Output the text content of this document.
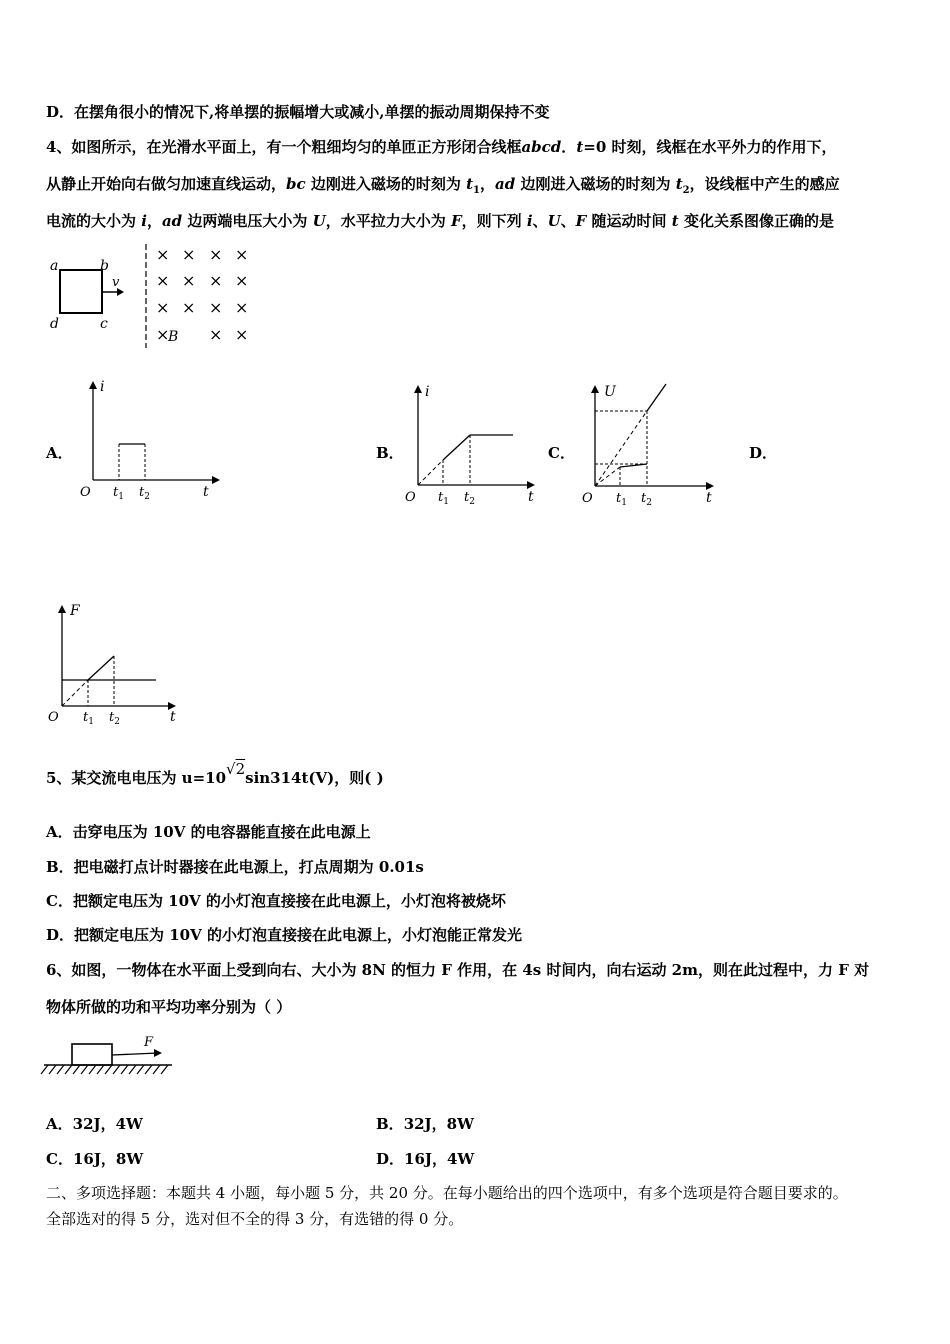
D．在摆角很小的情况下,将单摆的振幅增大或减小,单摆的振动周期保持不变
4、如图所示，在光滑水平面上，有一个粗细均匀的单匝正方形闭合线框abcd．t=0 时刻，线框在水平外力的作用下，
从静止开始向右做匀加速直线运动，bc 边刚进入磁场的时刻为 $t_1$，ad 边刚进入磁场的时刻为 $t_2$，设线框中产生的感应
电流的大小为 i，ad 边两端电压大小为 U，水平拉力大小为 F，则下列 i、U、F 随运动时间 t 变化关系图像正确的是
a	b
d	c
v
× × × ×
× × × ×
× × × ×
× × ×
B
A．	B．	C．	D．
i
O	t
$t_1$ $t_2$
i
O	t
$t_1$ $t_2$
U
O	t
$t_1$ $t_2$
F
O	t
$t_1$ $t_2$
5、某交流电电压为 u=10√2sin314t(V)，则( )
A．击穿电压为 10V 的电容器能直接在此电源上
B．把电磁打点计时器接在此电源上，打点周期为 0.01s
C．把额定电压为 10V 的小灯泡直接接在此电源上，小灯泡将被烧坏
D．把额定电压为 10V 的小灯泡直接接在此电源上，小灯泡能正常发光
6、如图，一物体在水平面上受到向右、大小为 8N 的恒力 F 作用，在 4s 时间内，向右运动 2m，则在此过程中，力 F 对
物体所做的功和平均功率分别为（ ）
F
A．32J，4W	B．32J，8W
C．16J，8W	D．16J，4W
二、多项选择题：本题共 4 小题，每小题 5 分，共 20 分。在每小题给出的四个选项中，有多个选项是符合题目要求的。
全部选对的得 5 分，选对但不全的得 3 分，有选错的得 0 分。
